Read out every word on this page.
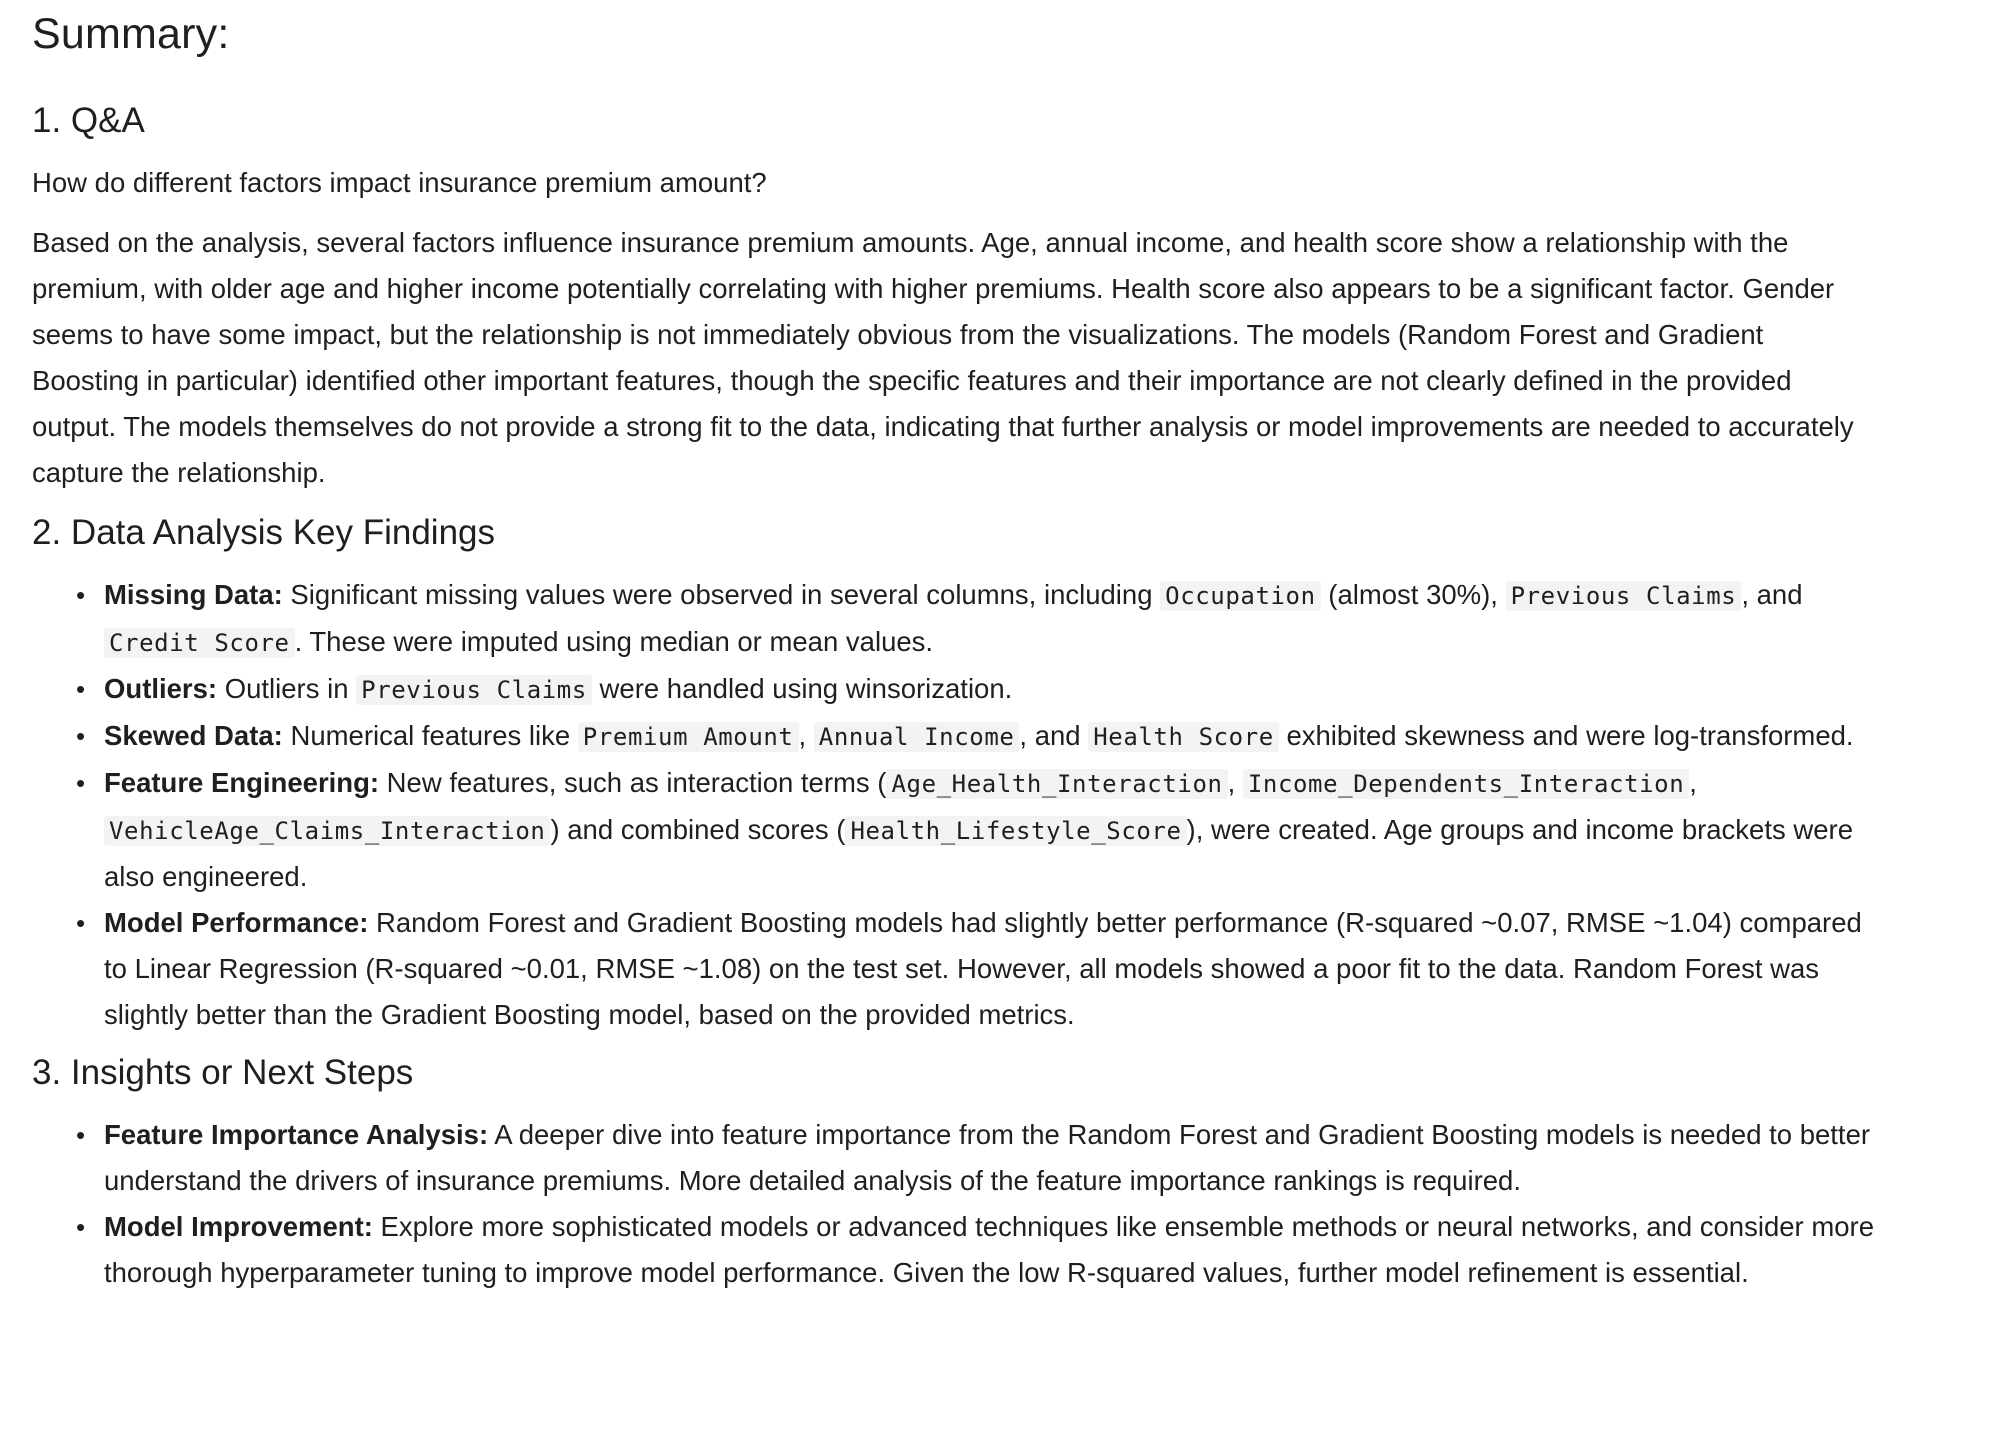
Summary:
1. Q&A

How do different factors impact insurance premium amount?

Based on the analysis, several factors influence insurance premium amounts. Age, annual income, and health score show a relationship with the premium, with older age and higher income potentially correlating with higher premiums. Health score also appears to be a significant factor. Gender seems to have some impact, but the relationship is not immediately obvious from the visualizations. The models (Random Forest and Gradient Boosting in particular) identified other important features, though the specific features and their importance are not clearly defined in the provided output. The models themselves do not provide a strong fit to the data, indicating that further analysis or model improvements are needed to accurately capture the relationship.

2. Data Analysis Key Findings
• Missing Data: Significant missing values were observed in several columns, including Occupation (almost 30%), Previous Claims , and Credit Score . These were imputed using median or mean values.
• Outliers: Outliers in Previous Claims were handled using winsorization.
• Skewed Data: Numerical features like Premium Amount , Annual Income , and Health Score exhibited skewness and were log-transformed.
• Feature Engineering: New features, such as interaction terms ( Age_Health_Interaction , Income_Dependents_Interaction , VehicleAge_Claims_Interaction ) and combined scores ( Health_Lifestyle_Score ), were created. Age groups and income brackets were also engineered.
• Model Performance: Random Forest and Gradient Boosting models had slightly better performance (R-squared ~0.07, RMSE ~1.04) compared to Linear Regression (R-squared ~0.01, RMSE ~1.08) on the test set. However, all models showed a poor fit to the data. Random Forest was slightly better than the Gradient Boosting model, based on the provided metrics.
3. Insights or Next Steps
• Feature Importance Analysis: A deeper dive into feature importance from the Random Forest and Gradient Boosting models is needed to better understand the drivers of insurance premiums. More detailed analysis of the feature importance rankings is required.
• Model Improvement: Explore more sophisticated models or advanced techniques like ensemble methods or neural networks, and consider more thorough hyperparameter tuning to improve model performance. Given the low R-squared values, further model refinement is essential.
